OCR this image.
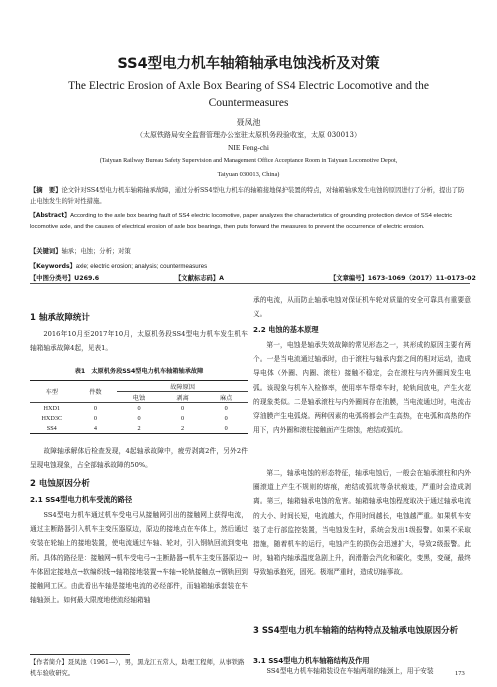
SS4型电力机车轴箱轴承电蚀浅析及对策
The Electric Erosion of Axle Box Bearing of SS4 Electric Locomotive and the Countermeasures
聂凤池
（太原铁路局安全监督管理办公室驻太原机务段验收室，太原 030013）
NIE Feng-chi
(Taiyuan Railway Bureau Safety Supervision and Management Office Acceptance Room in Taiyuan Locomotive Depot,
Taiyuan 030013, China)
【摘　要】论文针对SS4型电力机车轴箱轴承故障，通过分析SS4型电力机车的轴箱接地保护装置的特点，对轴箱轴承发生电蚀的原因进行了分析，提出了防止电蚀发生的针对性措施。
【Abstract】According to the axle box bearing fault of SS4 electric locomotive, paper analyzes the characteristics of grounding protection device of SS4 electric locomotive axle, and the causes of electrical erosion of axle box bearings, then puts forward the measures to prevent the occurrence of electric erosion.
【关键词】轴承；电蚀；分析；对策
【Keywords】axle; electric erosion; analysis; countermeasures
【中图分类号】U269.6	【文献标志码】A	【文章编号】1673-1069（2017）11-0173-02
1 轴承故障统计

2016年10月至2017年10月，太原机务段SS4型电力机车发生机车轴箱轴承故障4起，见表1。

表1　太原机务段SS4型电力机车轴箱轴承故障
车型	件数	故障原因		
		电蚀	剥离	麻点
HXD1	0	0	0	0
HXD3C	0	0	0	0
SS4	4	2	2	0

故障轴承解体后检查发现，4起轴承故障中，疲劳剥离2件，另外2件呈现电蚀现象，占全部轴承故障的50%。

2 电蚀原因分析
2.1 SS4型电力机车受流的路径

SS4型电力机车通过机车受电弓从接触网引出的接触网上获得电流，通过主断路器引入机车主变压器原边，原边的接地点在车体上，然后通过安装在轮轴上的接地装置，使电流通过车轴、轮对，引入钢轨回流到变电所。具体的路径是：接触网→机车受电弓→主断路器→机车主变压器原边→车体固定接地点→软编织线→轴箱接地装置→车轴→轮轨接触点→钢轨回到接触网工区。由此看出车轴是接地电流的必经部件，而轴箱轴承套装在车轴轴颈上。如何最大限度地使流经轴箱轴

【作者简介】聂凤池（1961—），男，黑龙江五常人，助理工程师，从事铁路机车验收研究。

承的电流，从而防止轴承电蚀对保证机车轮对质量的安全可靠具有重要意义。

2.2 电蚀的基本原理

第一，电蚀是轴承失效故障的常见形态之一，其形成的原因主要有两个。一是当电流通过轴承时，由于滚柱与轴承内套之间的相对运动，造成导电体（外圈、内圈、滚柱）接触不稳定，会在滚柱与内外圈间发生电弧。该现象与机车入检修率，使用率车帮牵车时，轮轨间放电，产生火花的现象类似。二是轴承滚柱与内外圈间存在油膜，当电流通过时，电流击穿油膜产生电弧烧。两种因素的电弧将都会产生高热，在电弧和高热的作用下，内外圈和滚柱接触面产生熔蚀，疤结或弧坑。

第二，轴承电蚀的形态特征，轴承电蚀后，一般会在轴承滚柱和内外圈滚道上产生不规则的熔痕，疤结或弧坑等条状痕迹，严重时会造成剥离。第三，轴箱轴承电蚀的危害。轴箱轴承电蚀程度取决于通过轴承电流的大小、时间长短，电流越大，作用时间越长，电蚀越严重。如果机车安装了走行部监控装置，当电蚀发生时，系统会发出1级报警。如果不采取措施，随着机车的运行，电蚀产生的损伤会迅速扩大，导致2级报警。此时，轴箱内轴承温度急剧上升，润滑脂会汽化和碳化，变黑，变硬，最终导致轴承抱死，固死。极端严重时，造成切轴事故。

3 SS4型电力机车轴箱的结构特点及轴承电蚀原因分析
3.1 SS4型电力机车轴箱结构及作用

SS4型电力机车轴箱装设在车轴两端的轴颈上，用于安装	173
